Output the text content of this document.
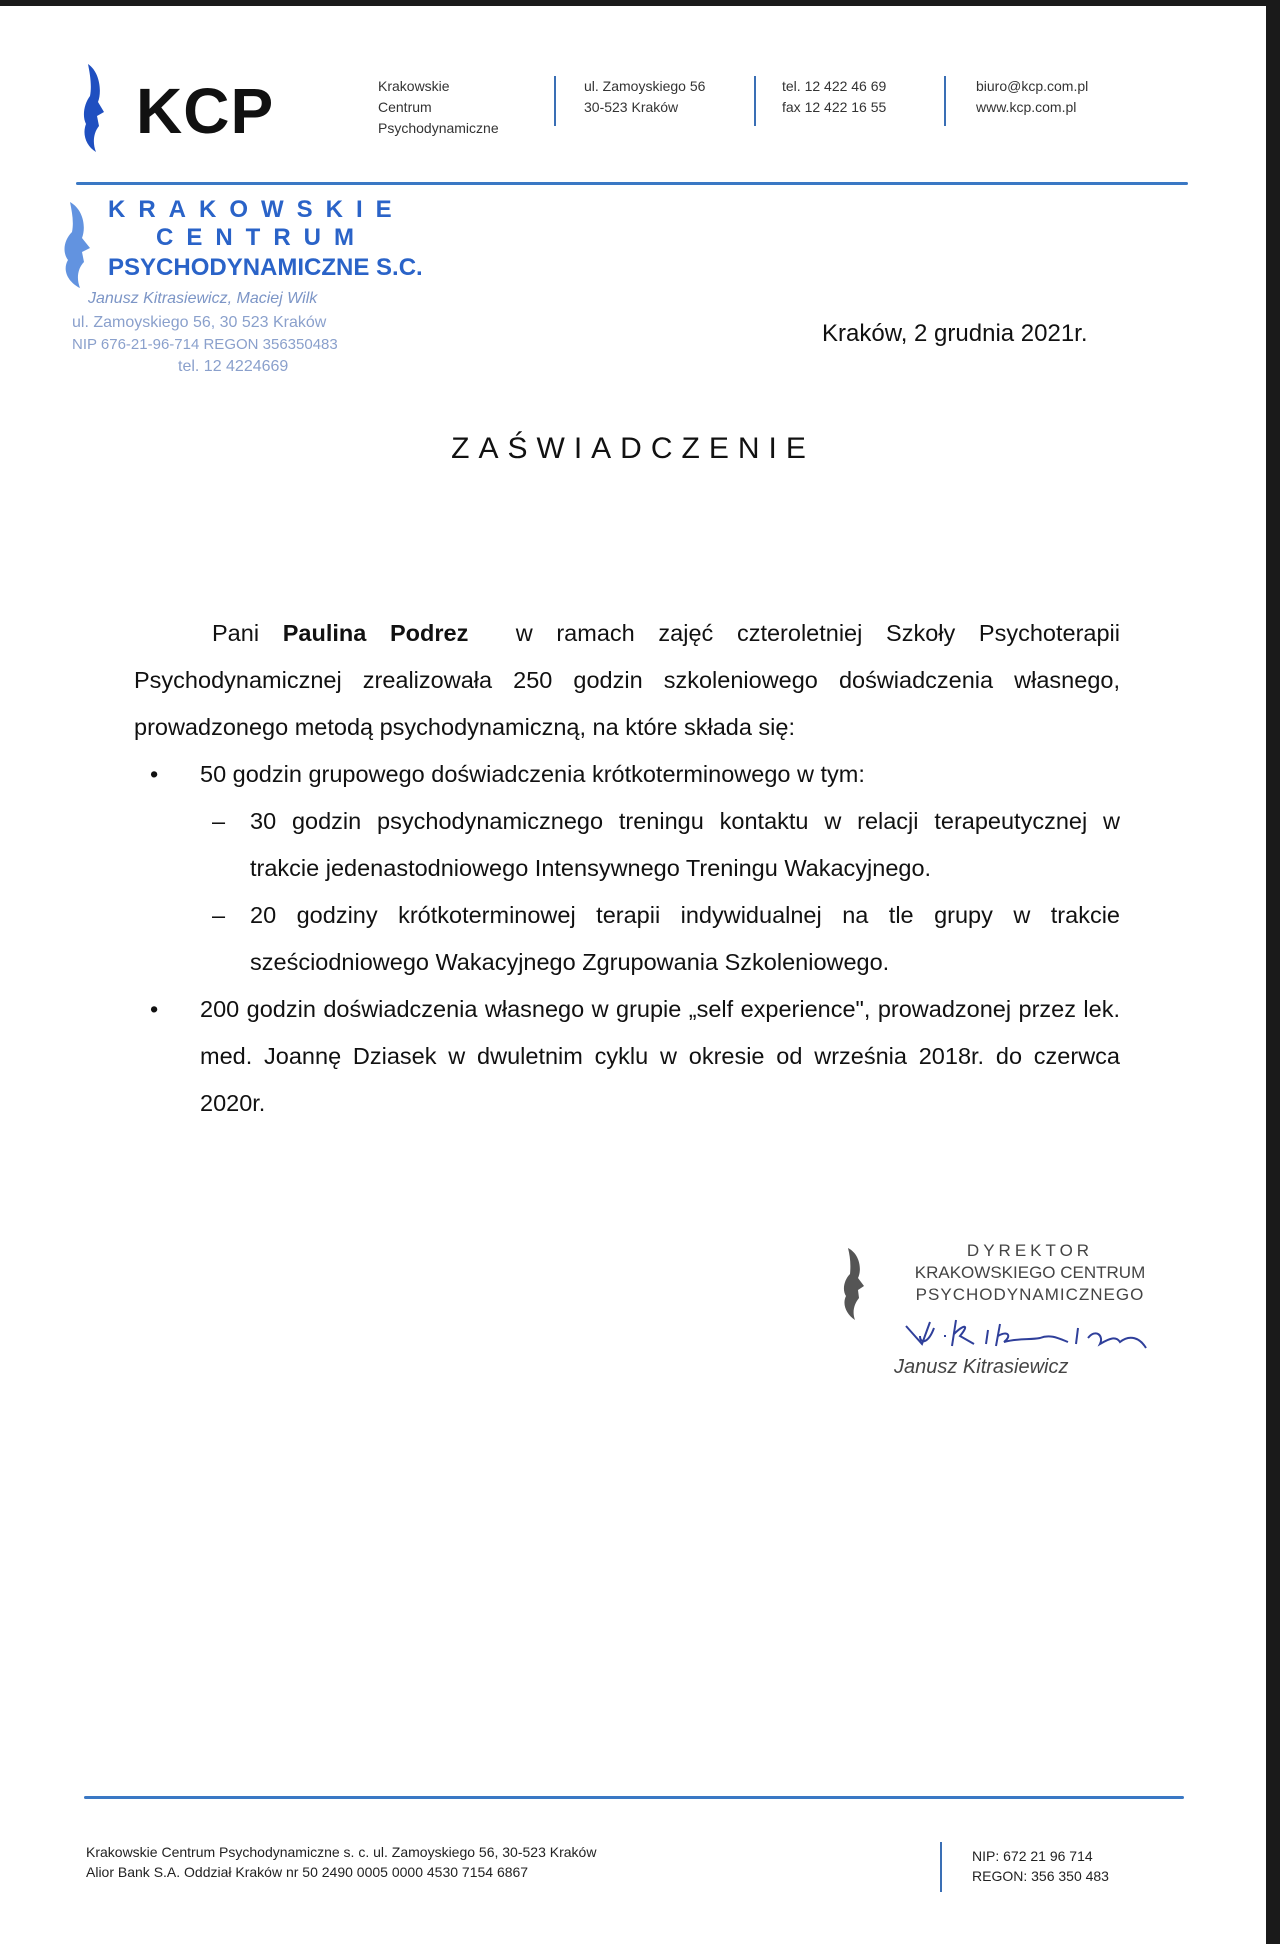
KCP	Krakowskie
Centrum
Psychodynamiczne
ul. Zamoyskiego 56
30-523 Kraków
tel. 12 422 46 69
fax 12 422 16 55
biuro@kcp.com.pl
www.kcp.com.pl
KRAKOWSKIE
CENTRUM
PSYCHODYNAMICZNE S.C.
Janusz Kitrasiewicz, Maciej Wilk
ul. Zamoyskiego 56, 30 523 Kraków
NIP 676-21-96-714 REGON 356350483
tel. 12 4224669
Kraków, 2 grudnia 2021r.
ZAŚWIADCZENIE

Pani Paulina Podrez  w ramach zajęć czteroletniej Szkoły Psychoterapii Psychodynamicznej zrealizowała 250 godzin szkoleniowego doświadczenia własnego, prowadzonego metodą psychodynamiczną, na które składa się:

• 50 godzin grupowego doświadczenia krótkoterminowego w tym:

– 30 godzin psychodynamicznego treningu kontaktu w relacji terapeutycznej w trakcie jedenastodniowego Intensywnego Treningu Wakacyjnego.

– 20 godziny krótkoterminowej terapii indywidualnej na tle grupy w trakcie sześciodniowego Wakacyjnego Zgrupowania Szkoleniowego.

• 200 godzin doświadczenia własnego w grupie „self experience", prowadzonej przez lek. med. Joannę Dziasek w dwuletnim cyklu w okresie od września 2018r. do czerwca 2020r.

DYREKTOR
KRAKOWSKIEGO CENTRUM
PSYCHODYNAMICZNEGO
Janusz Kitrasiewicz
Krakowskie Centrum Psychodynamiczne s. c. ul. Zamoyskiego 56, 30-523 Kraków
Alior Bank S.A. Oddział Kraków nr 50 2490 0005 0000 4530 7154 6867
NIP: 672 21 96 714
REGON: 356 350 483
